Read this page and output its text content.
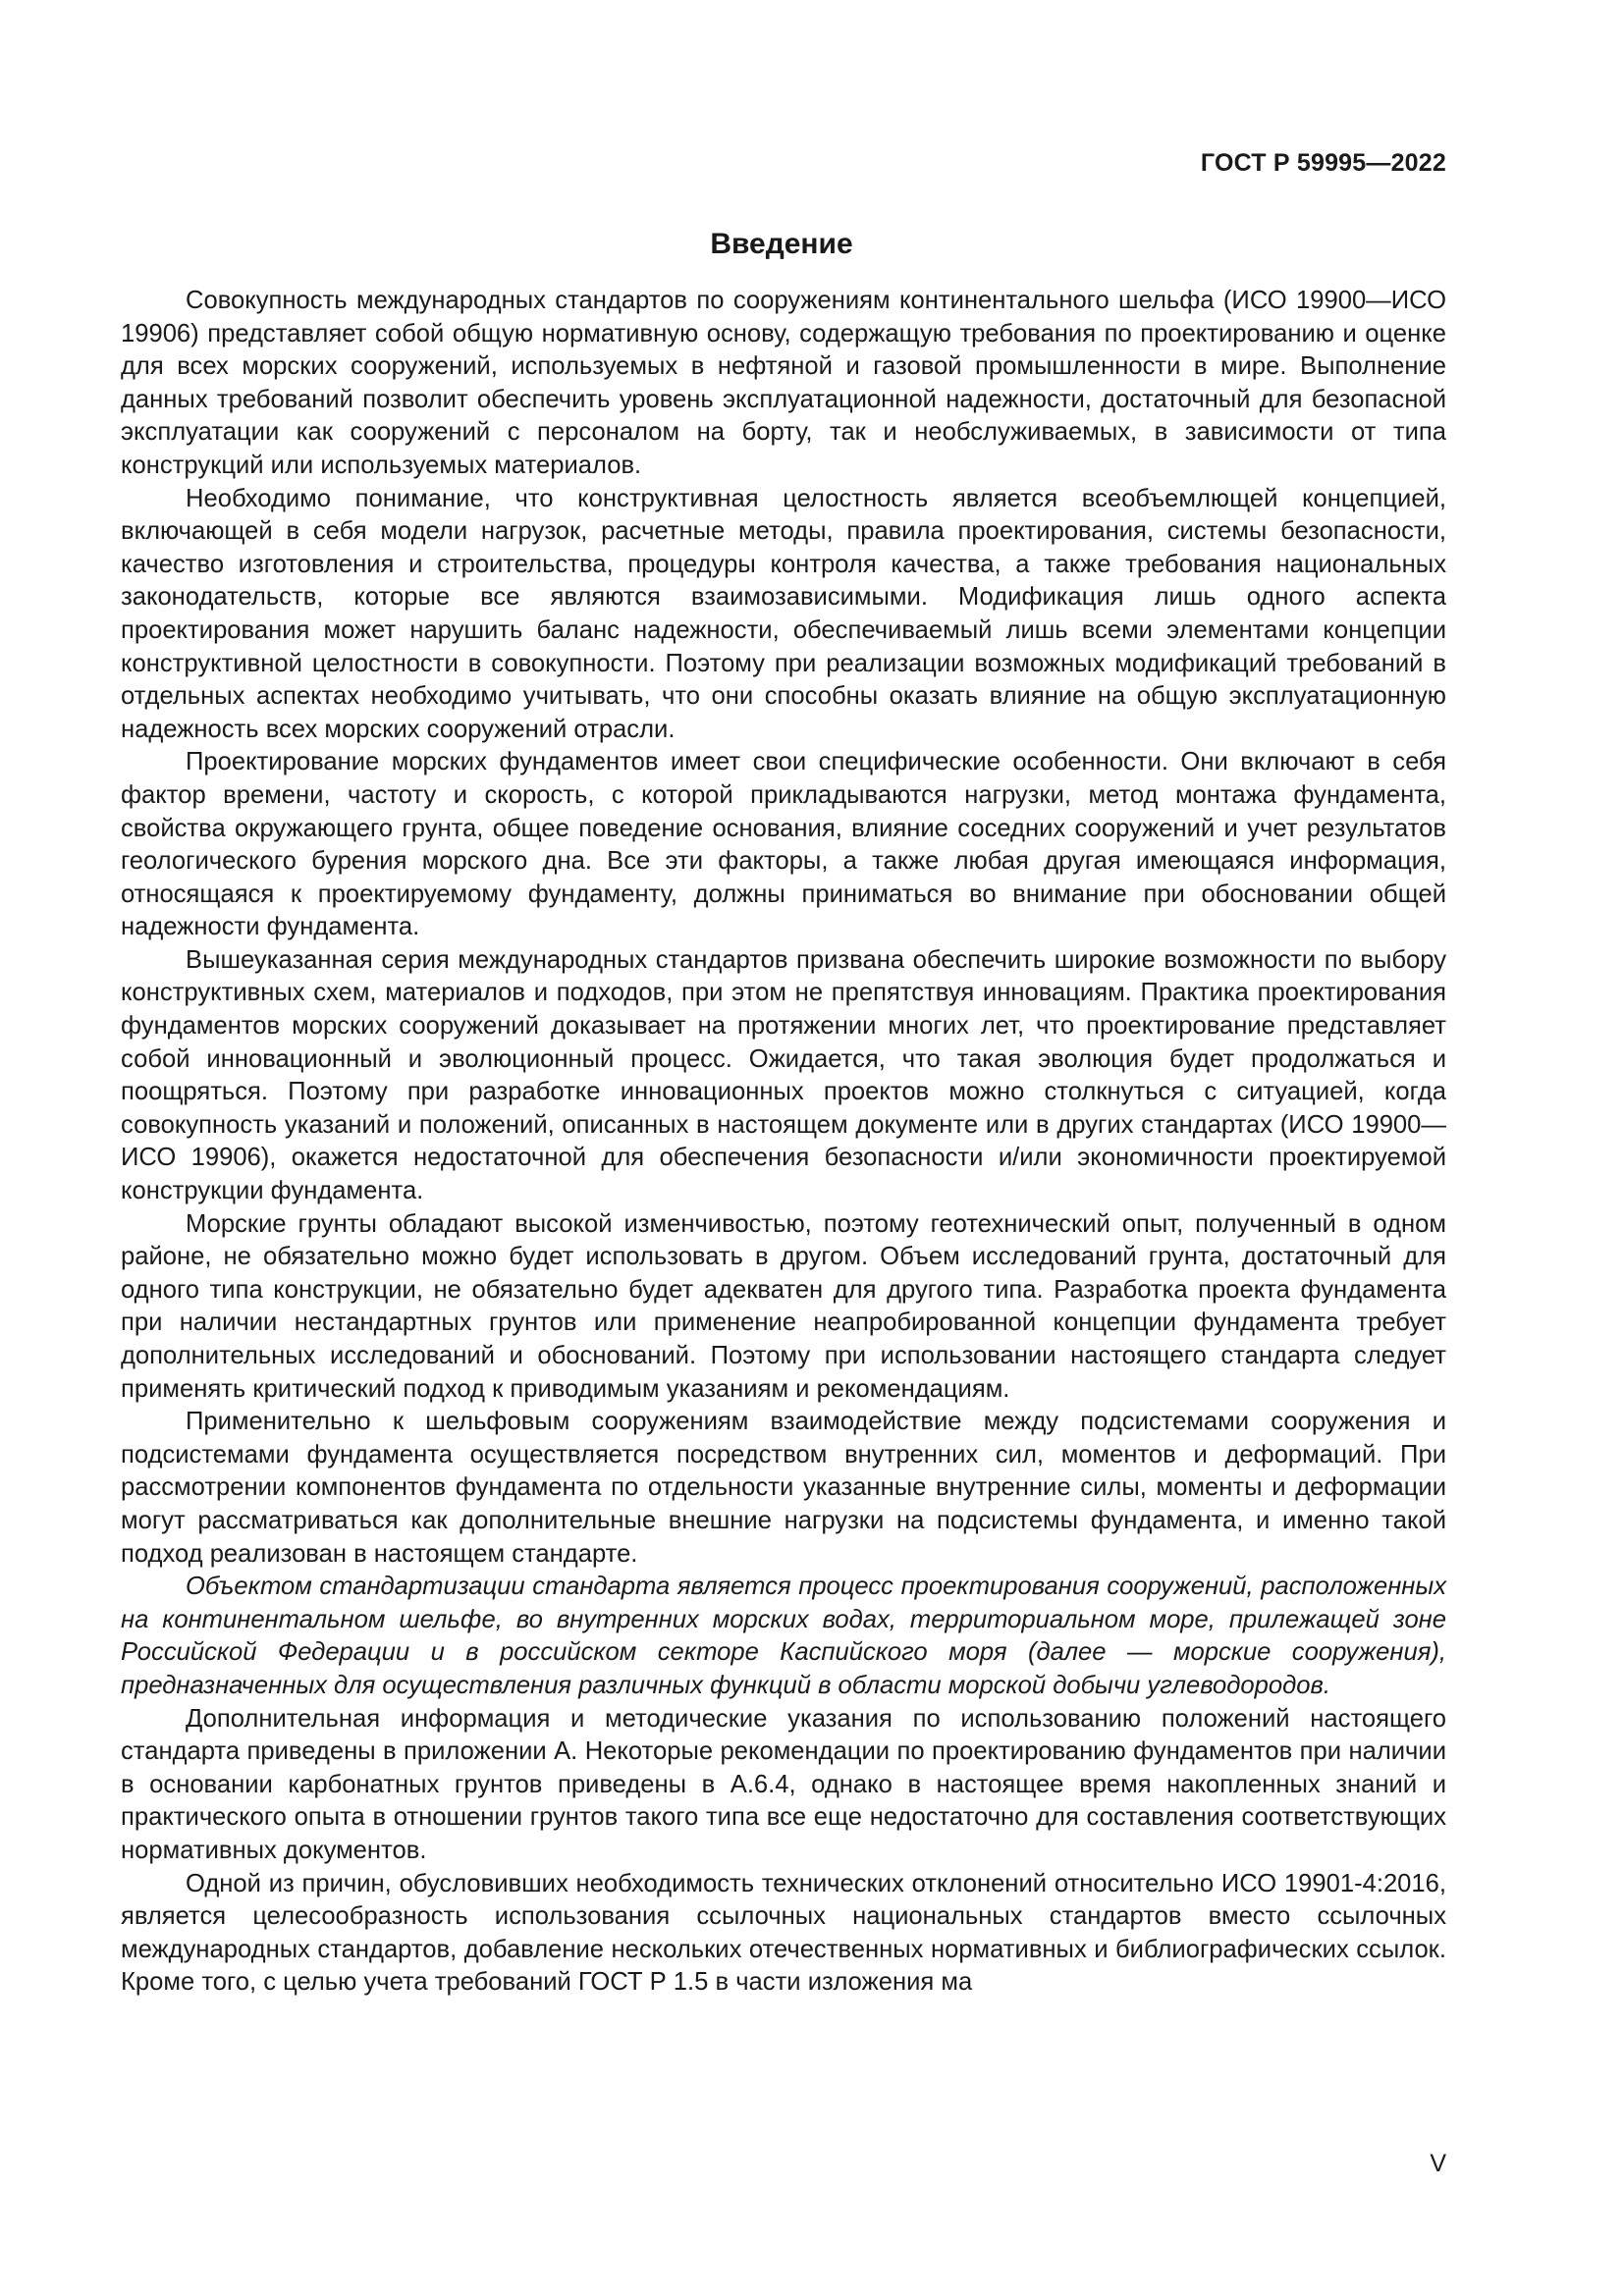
ГОСТ Р 59995—2022
Введение

Совокупность международных стандартов по сооружениям континентального шельфа (ИСО 19900—ИСО 19906) представляет собой общую нормативную основу, содержащую требования по проектированию и оценке для всех морских сооружений, используемых в нефтяной и газовой промышленности в мире. Выполнение данных требований позволит обеспечить уровень эксплуатационной надежности, достаточный для безопасной эксплуатации как сооружений с персоналом на борту, так и необслуживаемых, в зависимости от типа конструкций или используемых материалов.

Необходимо понимание, что конструктивная целостность является всеобъемлющей концепцией, включающей в себя модели нагрузок, расчетные методы, правила проектирования, системы безопасности, качество изготовления и строительства, процедуры контроля качества, а также требования национальных законодательств, которые все являются взаимозависимыми. Модификация лишь одного аспекта проектирования может нарушить баланс надежности, обеспечиваемый лишь всеми элементами концепции конструктивной целостности в совокупности. Поэтому при реализации возможных модификаций требований в отдельных аспектах необходимо учитывать, что они способны оказать влияние на общую эксплуатационную надежность всех морских сооружений отрасли.

Проектирование морских фундаментов имеет свои специфические особенности. Они включают в себя фактор времени, частоту и скорость, с которой прикладываются нагрузки, метод монтажа фундамента, свойства окружающего грунта, общее поведение основания, влияние соседних сооружений и учет результатов геологического бурения морского дна. Все эти факторы, а также любая другая имеющаяся информация, относящаяся к проектируемому фундаменту, должны приниматься во внимание при обосновании общей надежности фундамента.

Вышеуказанная серия международных стандартов призвана обеспечить широкие возможности по выбору конструктивных схем, материалов и подходов, при этом не препятствуя инновациям. Практика проектирования фундаментов морских сооружений доказывает на протяжении многих лет, что проектирование представляет собой инновационный и эволюционный процесс. Ожидается, что такая эволюция будет продолжаться и поощряться. Поэтому при разработке инновационных проектов можно столкнуться с ситуацией, когда совокупность указаний и положений, описанных в настоящем документе или в других стандартах (ИСО 19900—ИСО 19906), окажется недостаточной для обеспечения безопасности и/или экономичности проектируемой конструкции фундамента.

Морские грунты обладают высокой изменчивостью, поэтому геотехнический опыт, полученный в одном районе, не обязательно можно будет использовать в другом. Объем исследований грунта, достаточный для одного типа конструкции, не обязательно будет адекватен для другого типа. Разработка проекта фундамента при наличии нестандартных грунтов или применение неапробированной концепции фундамента требует дополнительных исследований и обоснований. Поэтому при использовании настоящего стандарта следует применять критический подход к приводимым указаниям и рекомендациям.

Применительно к шельфовым сооружениям взаимодействие между подсистемами сооружения и подсистемами фундамента осуществляется посредством внутренних сил, моментов и деформаций. При рассмотрении компонентов фундамента по отдельности указанные внутренние силы, моменты и деформации могут рассматриваться как дополнительные внешние нагрузки на подсистемы фундамента, и именно такой подход реализован в настоящем стандарте.

Объектом стандартизации стандарта является процесс проектирования сооружений, расположенных на континентальном шельфе, во внутренних морских водах, территориальном море, прилежащей зоне Российской Федерации и в российском секторе Каспийского моря (далее — морские сооружения), предназначенных для осуществления различных функций в области морской добычи углеводородов.

Дополнительная информация и методические указания по использованию положений настоящего стандарта приведены в приложении А. Некоторые рекомендации по проектированию фундаментов при наличии в основании карбонатных грунтов приведены в А.6.4, однако в настоящее время накопленных знаний и практического опыта в отношении грунтов такого типа все еще недостаточно для составления соответствующих нормативных документов.

Одной из причин, обусловивших необходимость технических отклонений относительно ИСО 19901-4:2016, является целесообразность использования ссылочных национальных стандартов вместо ссылочных международных стандартов, добавление нескольких отечественных нормативных и библиографических ссылок. Кроме того, с целью учета требований ГОСТ Р 1.5 в части изложения ма

V
